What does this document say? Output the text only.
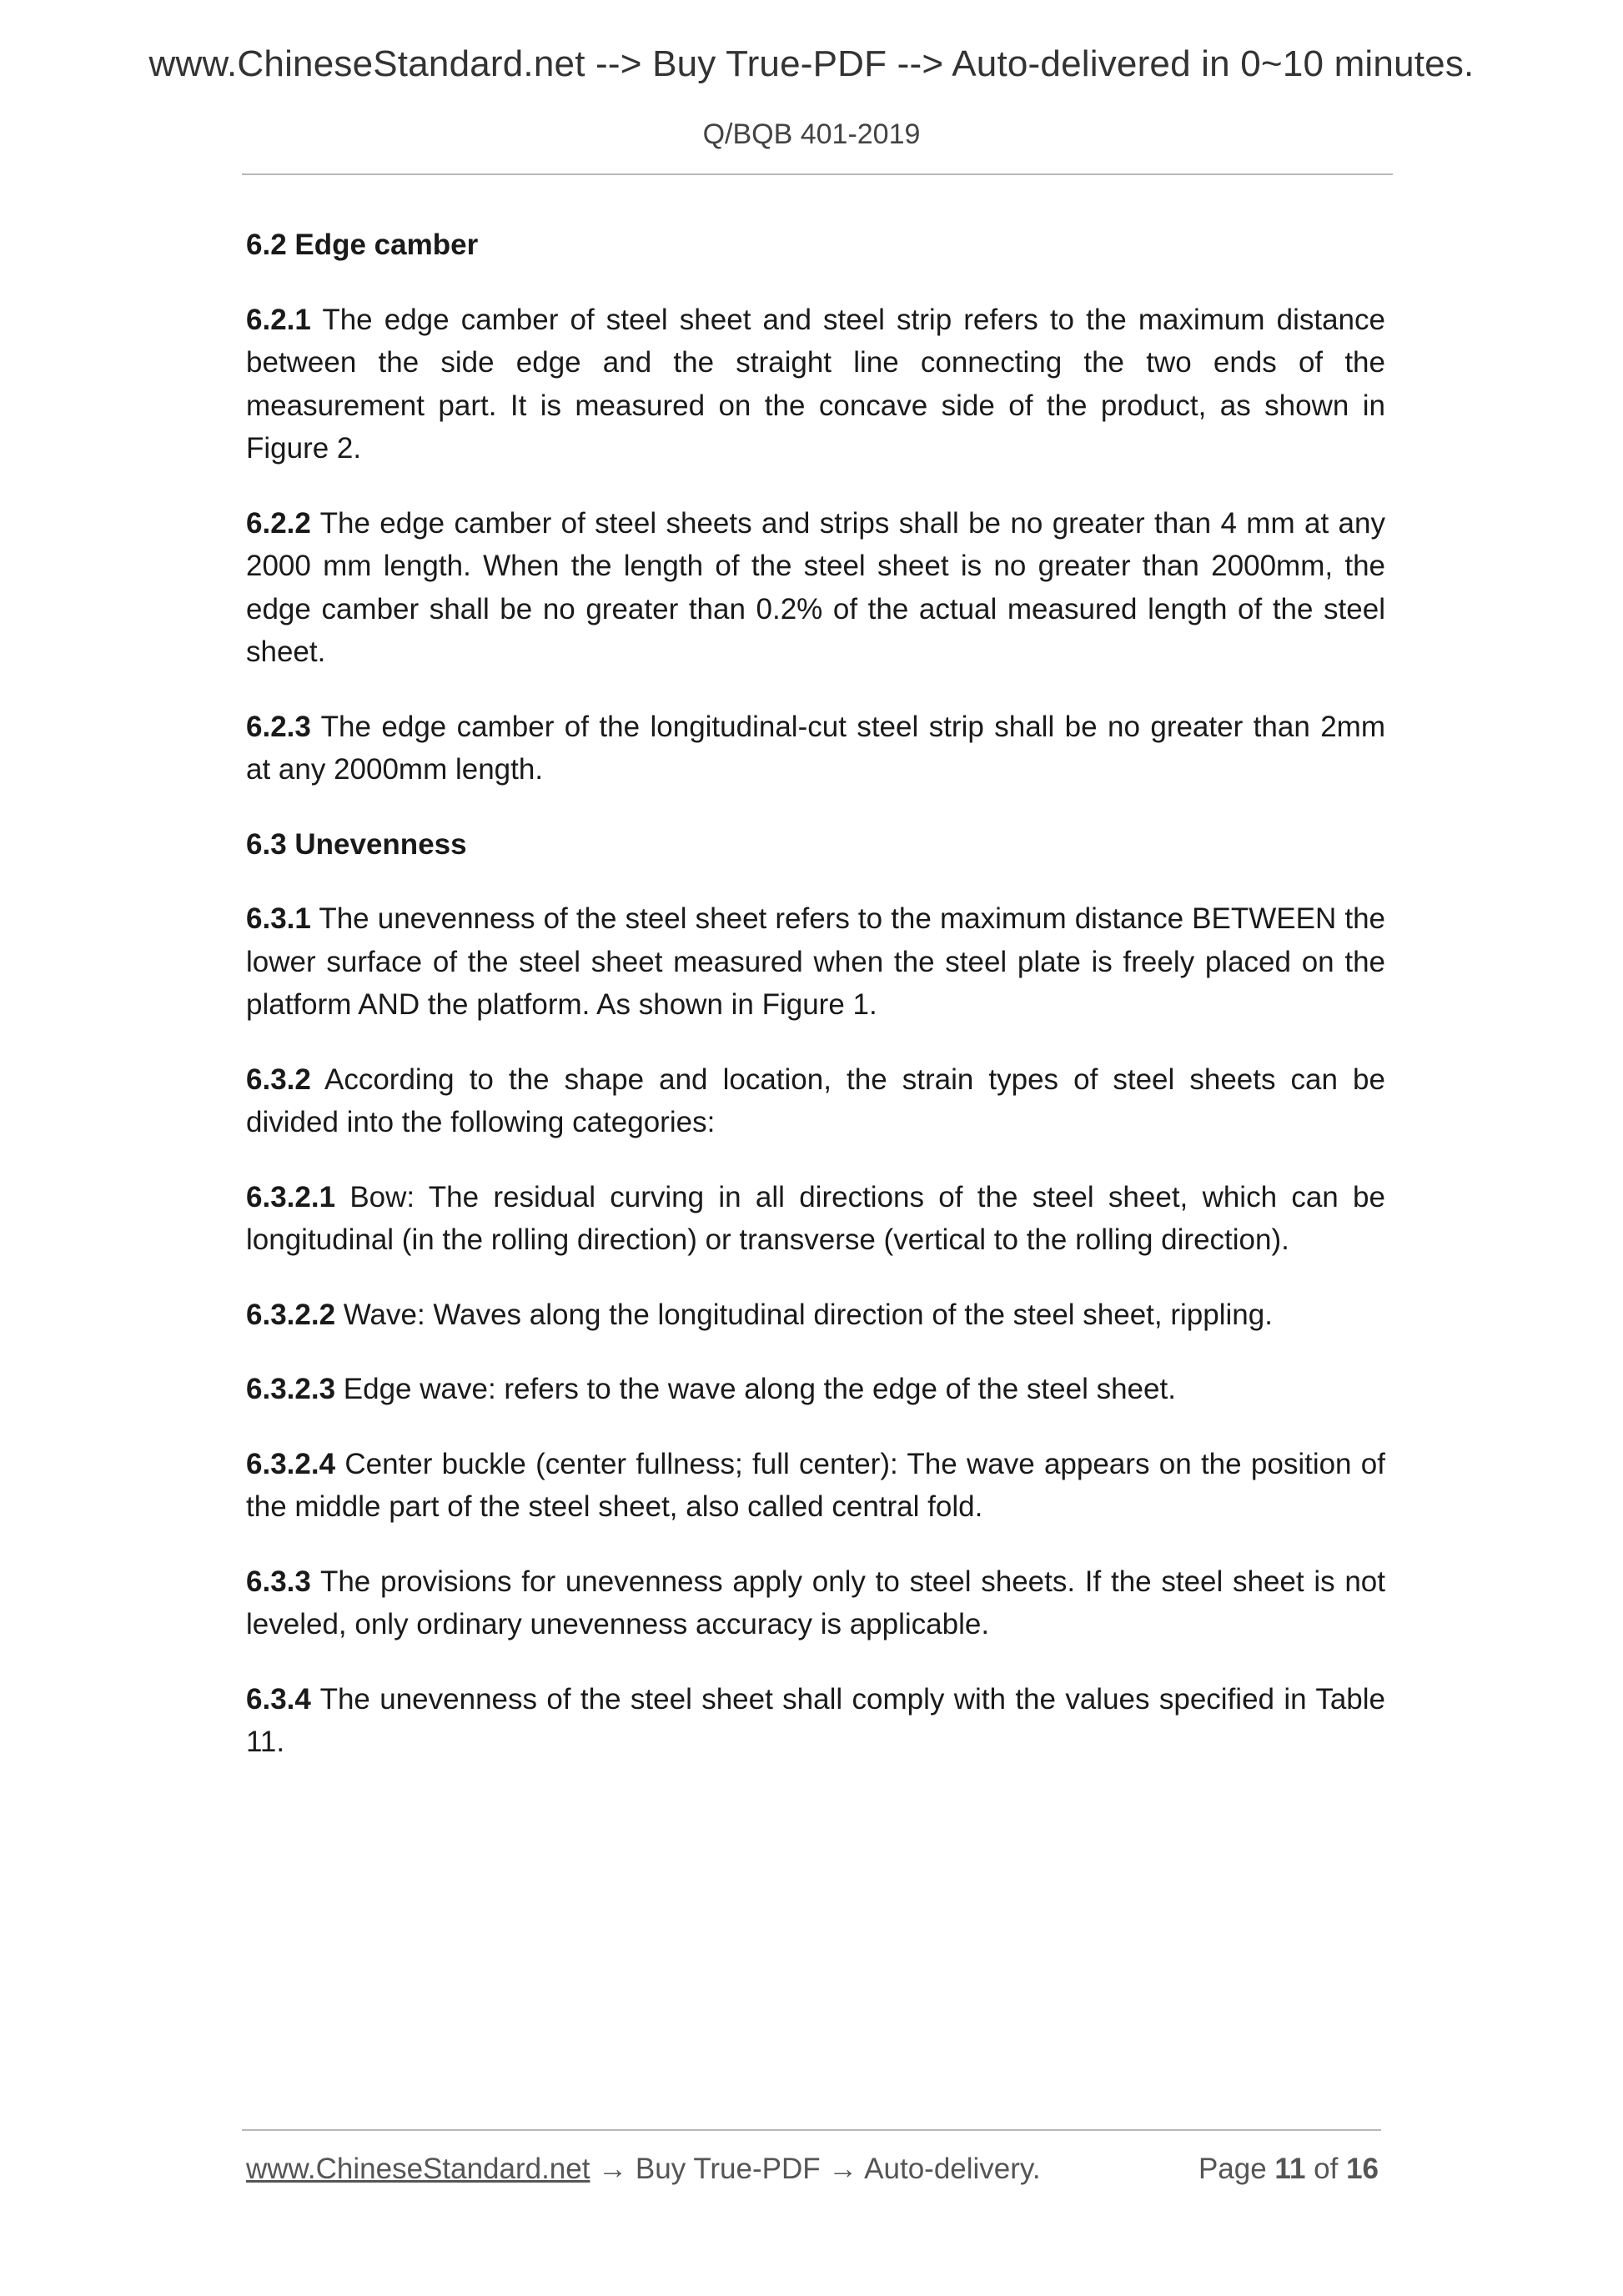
www.ChineseStandard.net --> Buy True-PDF --> Auto-delivered in 0~10 minutes.
Q/BQB 401-2019
6.2 Edge camber

6.2.1 The edge camber of steel sheet and steel strip refers to the maximum distance between the side edge and the straight line connecting the two ends of the measurement part. It is measured on the concave side of the product, as shown in Figure 2.

6.2.2 The edge camber of steel sheets and strips shall be no greater than 4 mm at any 2000 mm length. When the length of the steel sheet is no greater than 2000mm, the edge camber shall be no greater than 0.2% of the actual measured length of the steel sheet.

6.2.3 The edge camber of the longitudinal-cut steel strip shall be no greater than 2mm at any 2000mm length.

6.3 Unevenness

6.3.1 The unevenness of the steel sheet refers to the maximum distance BETWEEN the lower surface of the steel sheet measured when the steel plate is freely placed on the platform AND the platform. As shown in Figure 1.

6.3.2 According to the shape and location, the strain types of steel sheets can be divided into the following categories:

6.3.2.1 Bow: The residual curving in all directions of the steel sheet, which can be longitudinal (in the rolling direction) or transverse (vertical to the rolling direction).

6.3.2.2 Wave: Waves along the longitudinal direction of the steel sheet, rippling.

6.3.2.3 Edge wave: refers to the wave along the edge of the steel sheet.

6.3.2.4 Center buckle (center fullness; full center): The wave appears on the position of the middle part of the steel sheet, also called central fold.

6.3.3 The provisions for unevenness apply only to steel sheets. If the steel sheet is not leveled, only ordinary unevenness accuracy is applicable.

6.3.4 The unevenness of the steel sheet shall comply with the values specified in Table 11.

www.ChineseStandard.net → Buy True-PDF → Auto-delivery.	Page 11 of 16
